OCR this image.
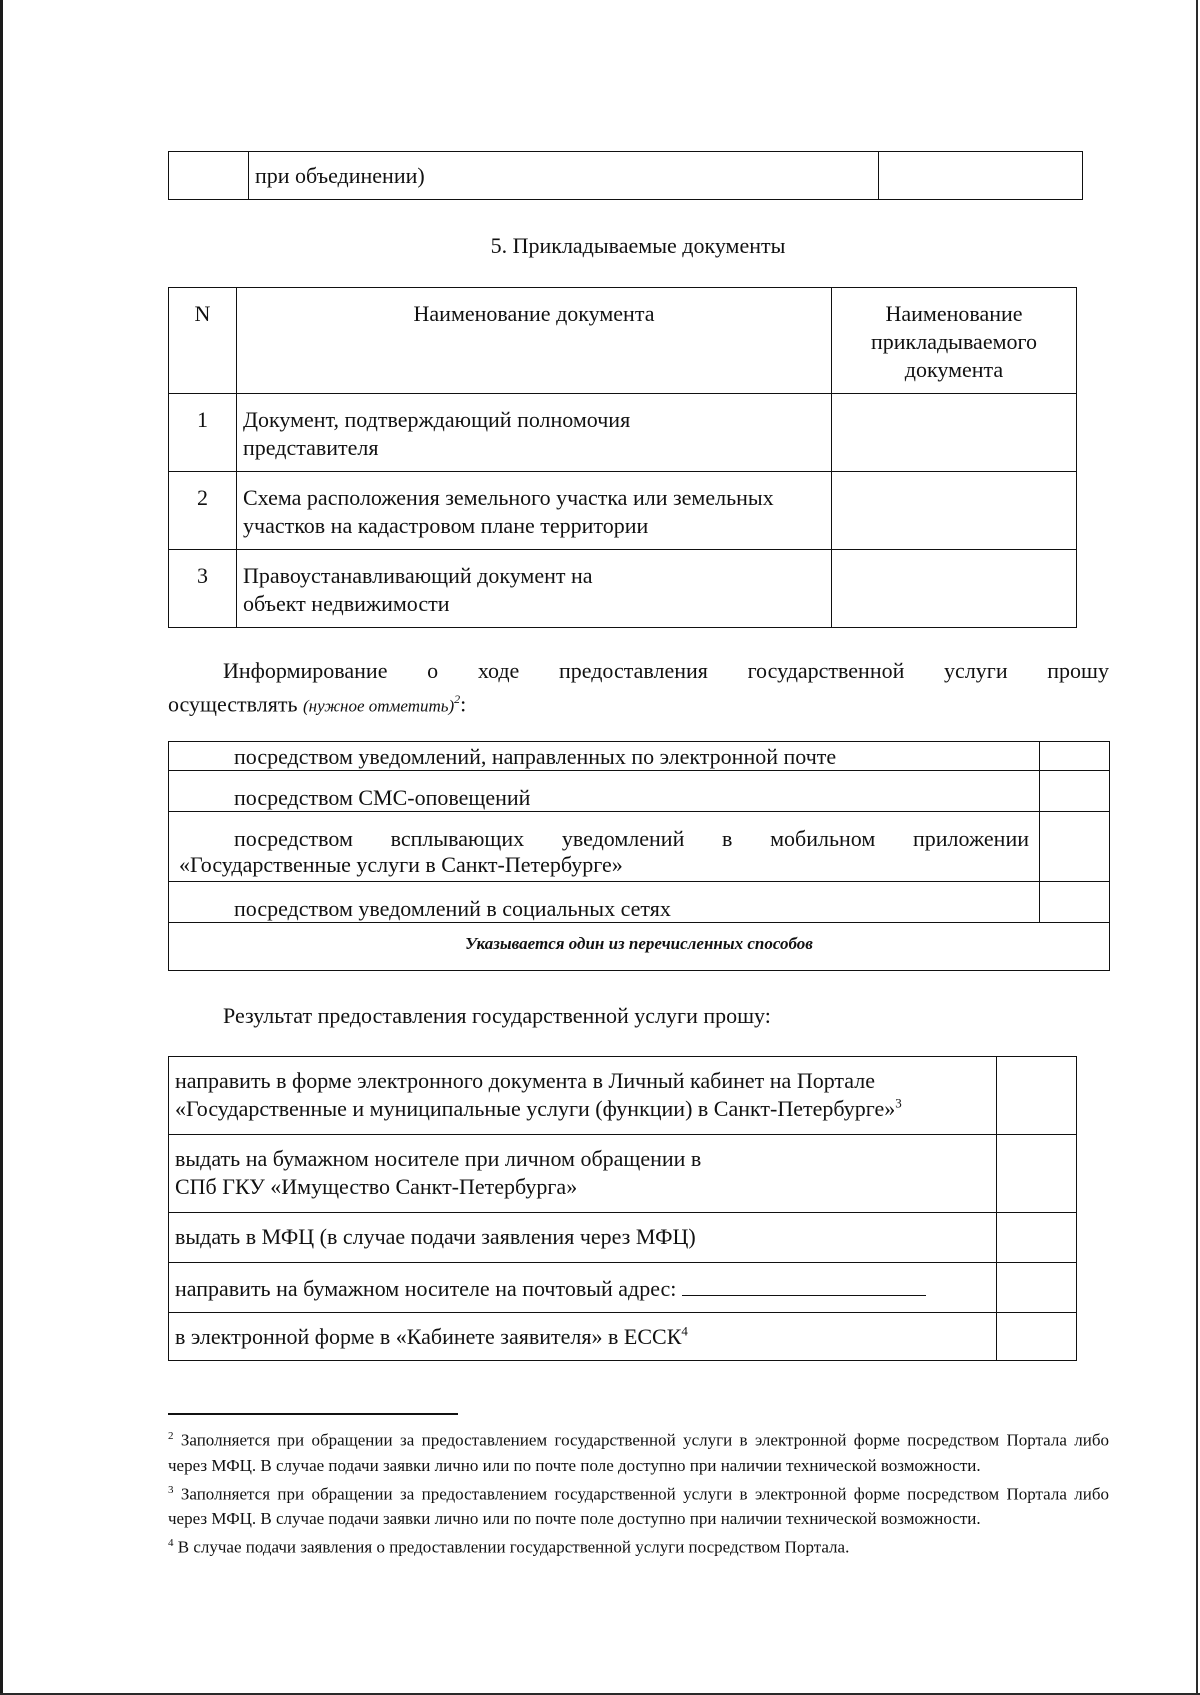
	при объединении)	
5. Прикладываемые документы
N	Наименование документа	Наименование прикладываемого документа
1	Документ, подтверждающий полномочия представителя	
2	Схема расположения земельного участка или земельных участков на кадастровом плане территории	
3	Правоустанавливающий документ на объект недвижимости	
Информирование о ходе предоставления государственной услуги прошу
осуществлять (нужное отметить)$^2$:
посредством уведомлений, направленных по электронной почте	
посредством СМС-оповещений	
посредством всплывающих уведомлений в мобильном приложении «Государственные услуги в Санкт-Петербурге»	
посредством уведомлений в социальных сетях	
Указывается один из перечисленных способов	
Результат предоставления государственной услуги прошу:
направить в форме электронного документа в Личный кабинет на Портале «Государственные и муниципальные услуги (функции) в Санкт-Петербурге»$^3$	
выдать на бумажном носителе при личном обращении в СПб ГКУ «Имущество Санкт-Петербурга»	
выдать в МФЦ (в случае подачи заявления через МФЦ)	
направить на бумажном носителе на почтовый адрес:	
в электронной форме в «Кабинете заявителя» в ЕССК$^4$	
$^2$ Заполняется при обращении за предоставлением государственной услуги в электронной форме посредством Портала либо через МФЦ. В случае подачи заявки лично или по почте поле доступно при наличии технической возможности.
$^3$ Заполняется при обращении за предоставлением государственной услуги в электронной форме посредством Портала либо через МФЦ. В случае подачи заявки лично или по почте поле доступно при наличии технической возможности.
$^4$ В случае подачи заявления о предоставлении государственной услуги посредством Портала.
